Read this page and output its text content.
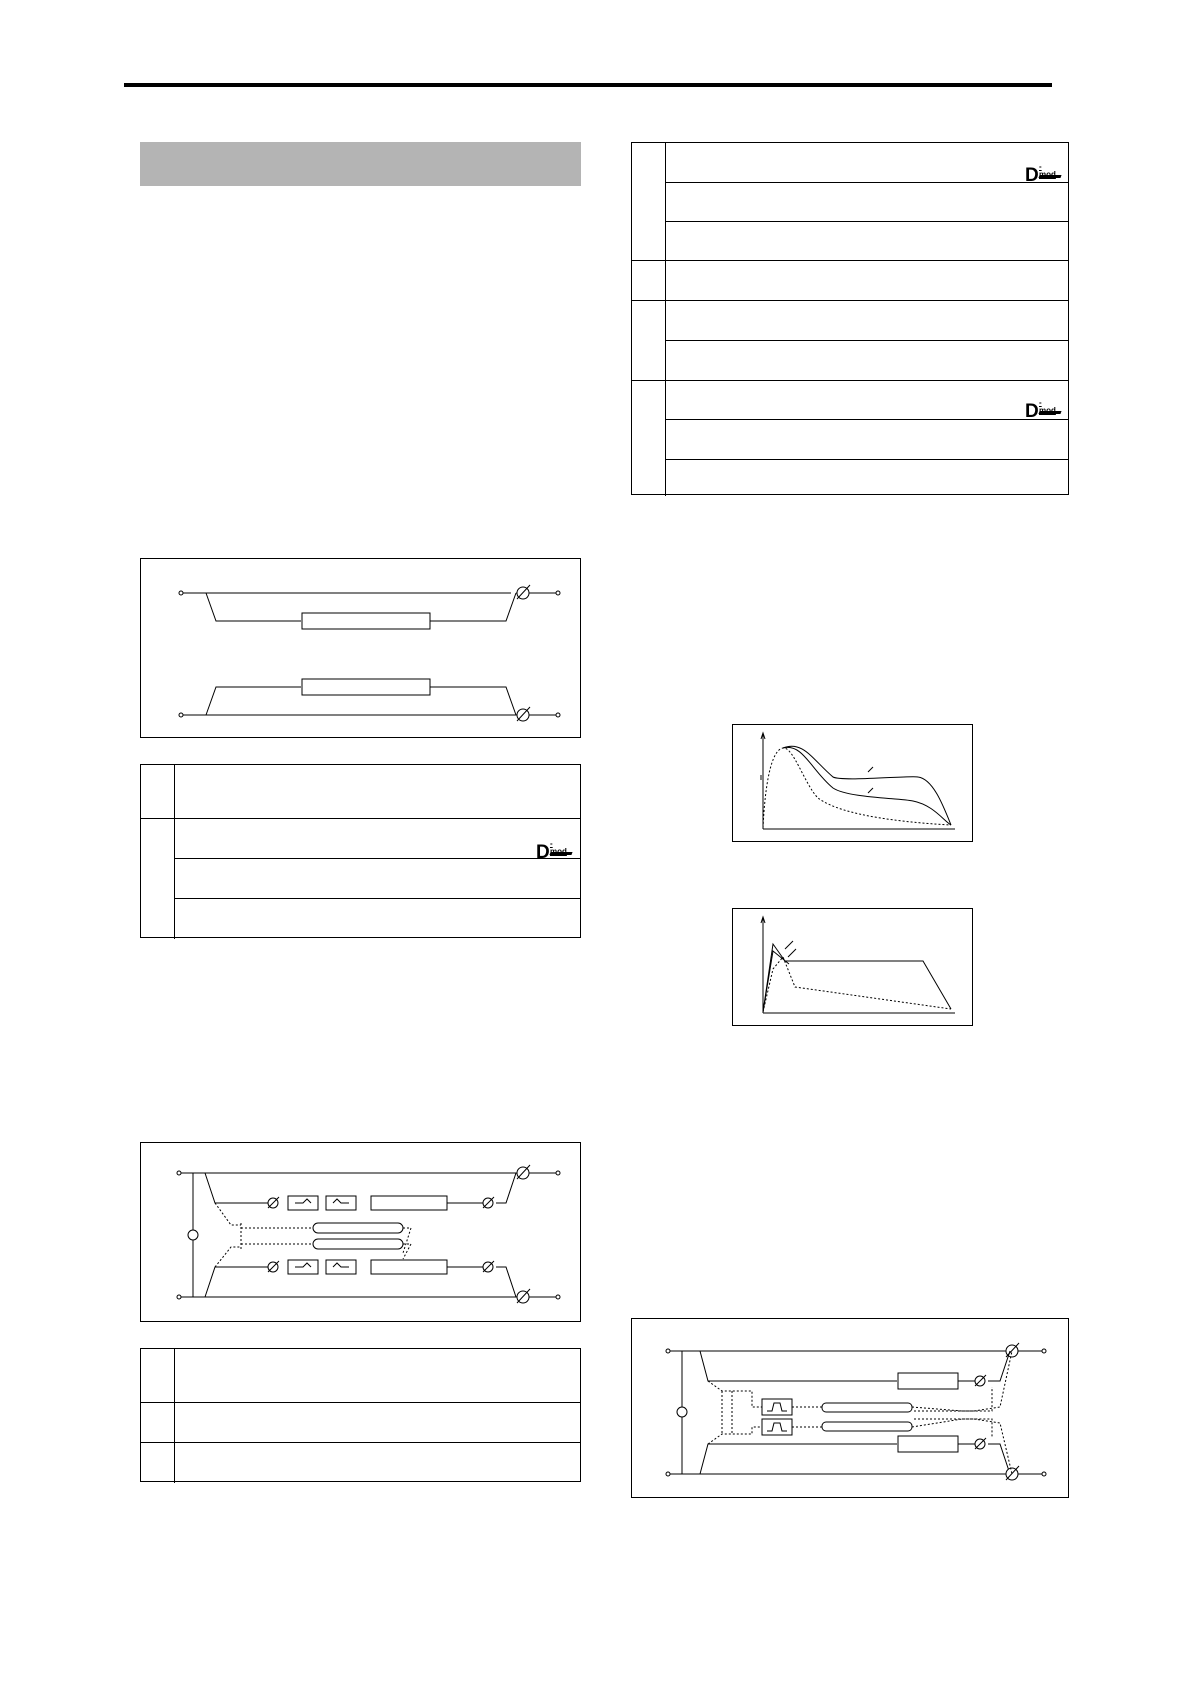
D -
D -
D -
